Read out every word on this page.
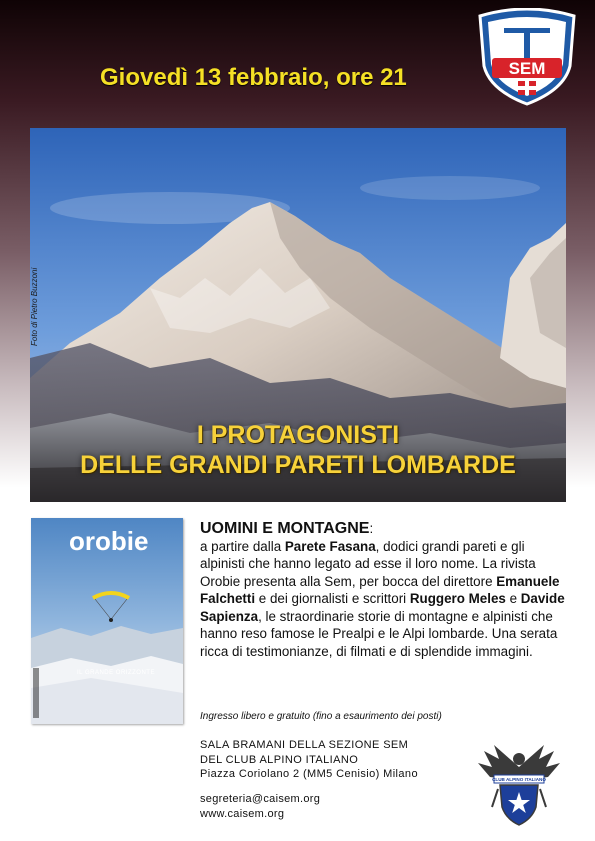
Giovedì 13 febbraio, ore 21	SEM
Foto di Pietro Buzzoni
I PROTAGONISTI
DELLE GRANDI PARETI LOMBARDE
orobie
IL GRANDE ORIZZONTE
UOMINI E MONTAGNE:
a partire dalla Parete Fasana, dodici grandi pareti e gli alpinisti che hanno legato ad esse il loro nome. La rivista Orobie presenta alla Sem, per bocca del direttore Emanuele Falchetti e dei giornalisti e scrittori Ruggero Meles e Davide Sapienza, le straordinarie storie di montagne e alpinisti che hanno reso famose le Prealpi e le Alpi lombarde. Una serata ricca di testimonianze, di filmati e di splendide immagini.
Ingresso libero e gratuito (fino a esaurimento dei posti)
SALA BRAMANI DELLA SEZIONE SEM
DEL CLUB ALPINO ITALIANO
Piazza Coriolano 2 (MM5 Cenisio) Milano
segreteria@caisem.org
www.caisem.org
CLUB ALPINO ITALIANO
